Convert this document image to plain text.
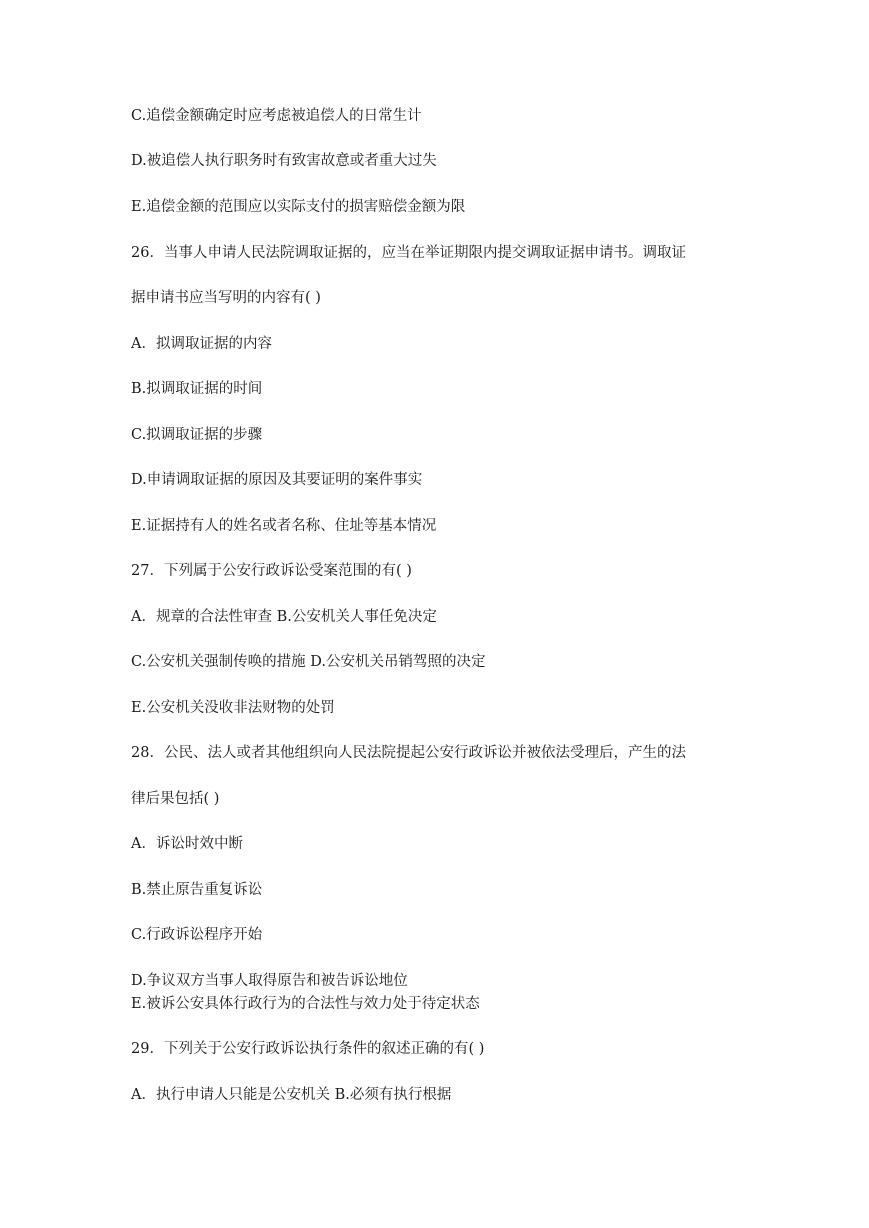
C.追偿金额确定时应考虑被追偿人的日常生计
D.被追偿人执行职务时有致害故意或者重大过失
E.追偿金额的范围应以实际支付的损害赔偿金额为限
26．当事人申请人民法院调取证据的，应当在举证期限内提交调取证据申请书。调取证
据申请书应当写明的内容有( )
A．拟调取证据的内容
B.拟调取证据的时间
C.拟调取证据的步骤
D.申请调取证据的原因及其要证明的案件事实
E.证据持有人的姓名或者名称、住址等基本情况
27．下列属于公安行政诉讼受案范围的有( )
A．规章的合法性审查 B.公安机关人事任免决定
C.公安机关强制传唤的措施 D.公安机关吊销驾照的决定
E.公安机关没收非法财物的处罚
28．公民、法人或者其他组织向人民法院提起公安行政诉讼并被依法受理后，产生的法
律后果包括( )
A．诉讼时效中断
B.禁止原告重复诉讼
C.行政诉讼程序开始
D.争议双方当事人取得原告和被告诉讼地位
E.被诉公安具体行政行为的合法性与效力处于待定状态
29．下列关于公安行政诉讼执行条件的叙述正确的有( )
A．执行申请人只能是公安机关 B.必须有执行根据
